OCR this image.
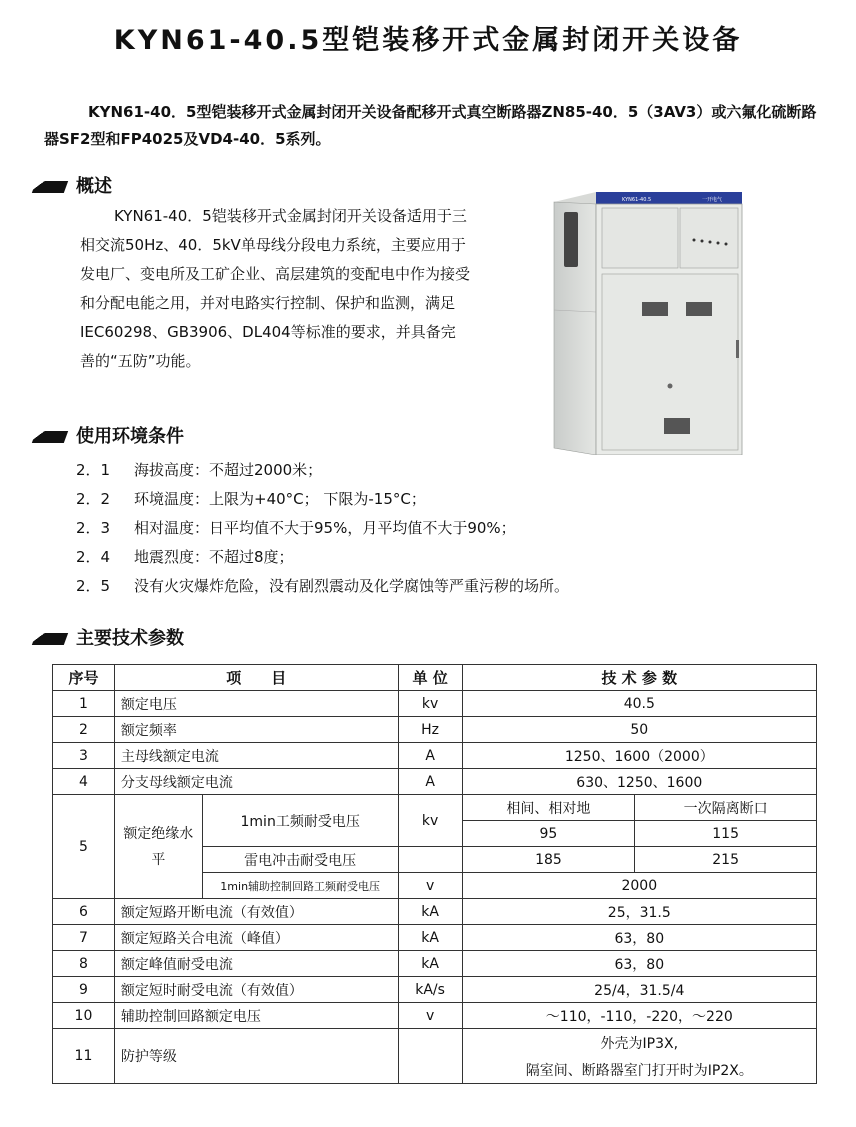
KYN61-40.5型铠装移开式金属封闭开关设备
KYN61-40．5型铠装移开式金属封闭开关设备配移开式真空断路器ZN85-40．5（3AV3）或六氟化硫断路器SF2型和FP4025及VD4-40．5系列。
概述
KYN61-40．5铠装移开式金属封闭开关设备适用于三相交流50Hz、40．5kV单母线分段电力系统，主要应用于发电厂、变电所及工矿企业、高层建筑的变配电中作为接受和分配电能之用，并对电路实行控制、保护和监测，满足IEC60298、GB3906、DL404等标准的要求，并具备完善的“五防”功能。
KYN61-40.5	一开电气
使用环境条件
2．1 海拔高度：不超过2000米；
2．2 环境温度：上限为+40°C； 下限为-15°C；
2．3 相对温度：日平均值不大于95%，月平均值不大于90%；
2．4 地震烈度：不超过8度；
2．5 没有火灾爆炸危险，没有剧烈震动及化学腐蚀等严重污秽的场所。
主要技术参数
序号	项　　目		单 位	技 术 参 数	
1	额定电压		kv	40.5	
2	额定频率		Hz	50	
3	主母线额定电流		A	1250、1600（2000）	
4	分支母线额定电流		A	630、1250、1600	
5	额定绝缘水平	1min工频耐受电压	kv	相间、相对地	一次隔离断口
				95	115
		雷电冲击耐受电压		185	215
		1min辅助控制回路工频耐受电压	v	2000	
6	额定短路开断电流（有效值）		kA	25，31.5	
7	额定短路关合电流（峰值）		kA	63，80	
8	额定峰值耐受电流		kA	63，80	
9	额定短时耐受电流（有效值）		kA/s	25/4，31.5/4	
10	辅助控制回路额定电压		v	～110，-110，-220，～220	
11	防护等级			外壳为IP3X,	
				隔室间、断路器室门打开时为IP2X。	
